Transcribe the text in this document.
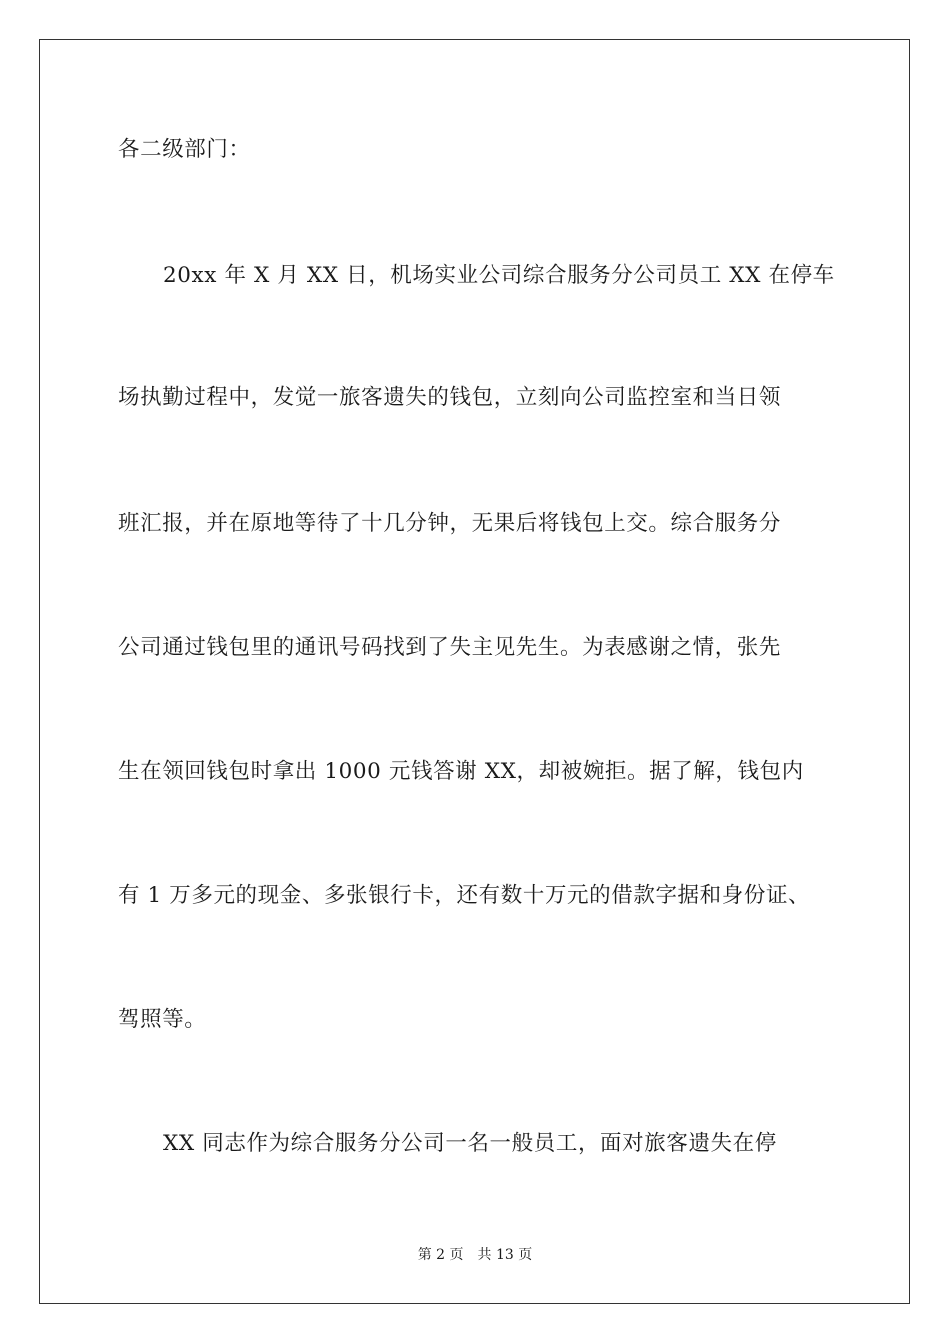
各二级部门：
20xx 年 X 月 XX 日，机场实业公司综合服务分公司员工 XX 在停车
场执勤过程中，发觉一旅客遗失的钱包，立刻向公司监控室和当日领
班汇报，并在原地等待了十几分钟，无果后将钱包上交。综合服务分
公司通过钱包里的通讯号码找到了失主见先生。为表感谢之情，张先
生在领回钱包时拿出 1000 元钱答谢 XX，却被婉拒。据了解，钱包内
有 1 万多元的现金、多张银行卡，还有数十万元的借款字据和身份证、
驾照等。
XX 同志作为综合服务分公司一名一般员工，面对旅客遗失在停
第 2 页 共 13 页
